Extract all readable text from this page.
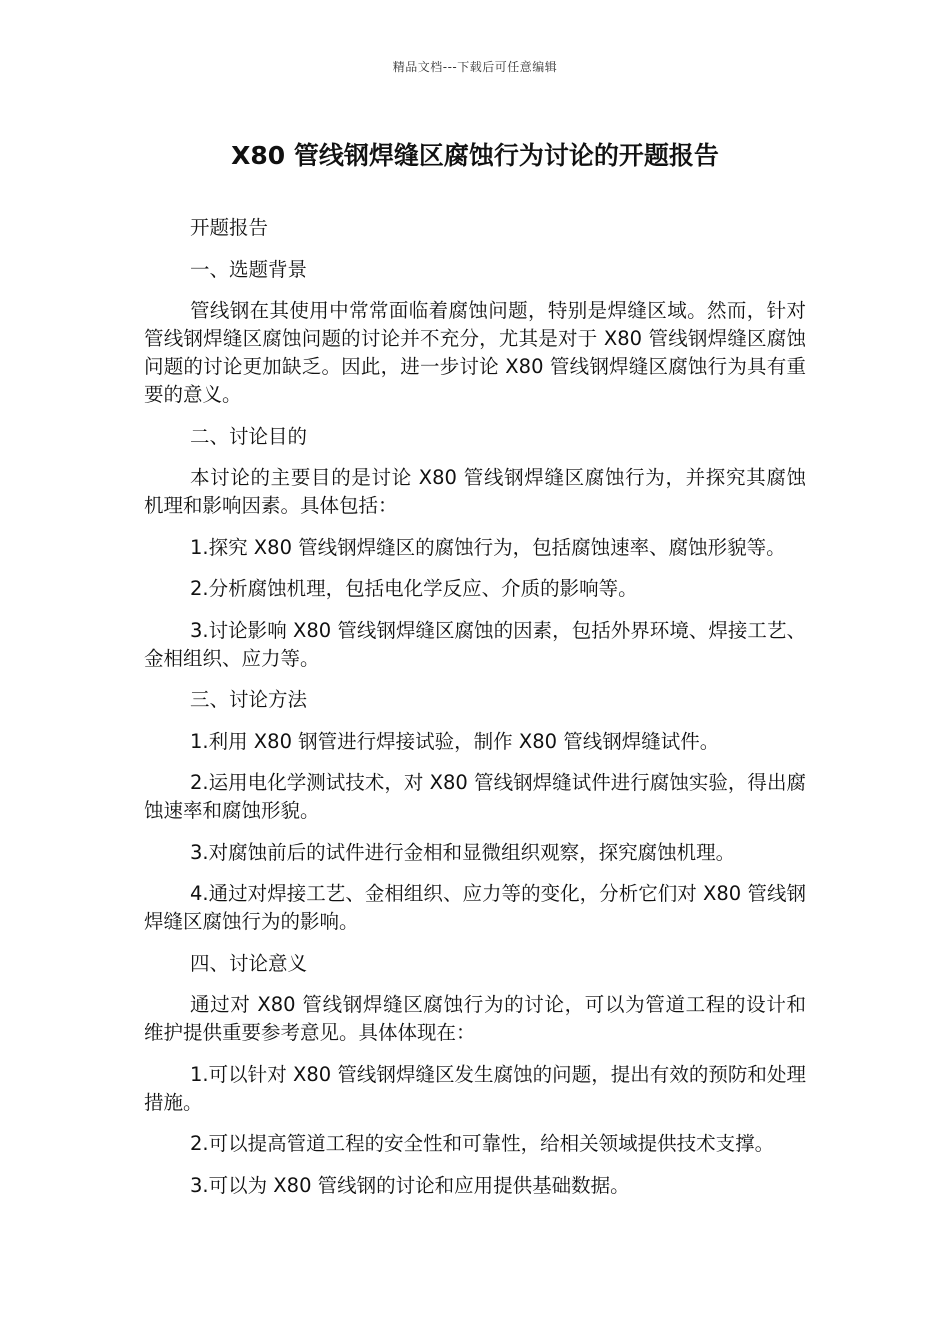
精品文档---下载后可任意编辑
X80 管线钢焊缝区腐蚀行为讨论的开题报告

开题报告

一、选题背景

管线钢在其使用中常常面临着腐蚀问题，特别是焊缝区域。然而，针对管线钢焊缝区腐蚀问题的讨论并不充分，尤其是对于 X80 管线钢焊缝区腐蚀问题的讨论更加缺乏。因此，进一步讨论 X80 管线钢焊缝区腐蚀行为具有重要的意义。

二、讨论目的

本讨论的主要目的是讨论 X80 管线钢焊缝区腐蚀行为，并探究其腐蚀机理和影响因素。具体包括：

1.探究 X80 管线钢焊缝区的腐蚀行为，包括腐蚀速率、腐蚀形貌等。

2.分析腐蚀机理，包括电化学反应、介质的影响等。

3.讨论影响 X80 管线钢焊缝区腐蚀的因素，包括外界环境、焊接工艺、金相组织、应力等。

三、讨论方法

1.利用 X80 钢管进行焊接试验，制作 X80 管线钢焊缝试件。

2.运用电化学测试技术，对 X80 管线钢焊缝试件进行腐蚀实验，得出腐蚀速率和腐蚀形貌。

3.对腐蚀前后的试件进行金相和显微组织观察，探究腐蚀机理。

4.通过对焊接工艺、金相组织、应力等的变化，分析它们对 X80 管线钢焊缝区腐蚀行为的影响。

四、讨论意义

通过对 X80 管线钢焊缝区腐蚀行为的讨论，可以为管道工程的设计和维护提供重要参考意见。具体体现在：

1.可以针对 X80 管线钢焊缝区发生腐蚀的问题，提出有效的预防和处理措施。

2.可以提高管道工程的安全性和可靠性，给相关领域提供技术支撑。

3.可以为 X80 管线钢的讨论和应用提供基础数据。
